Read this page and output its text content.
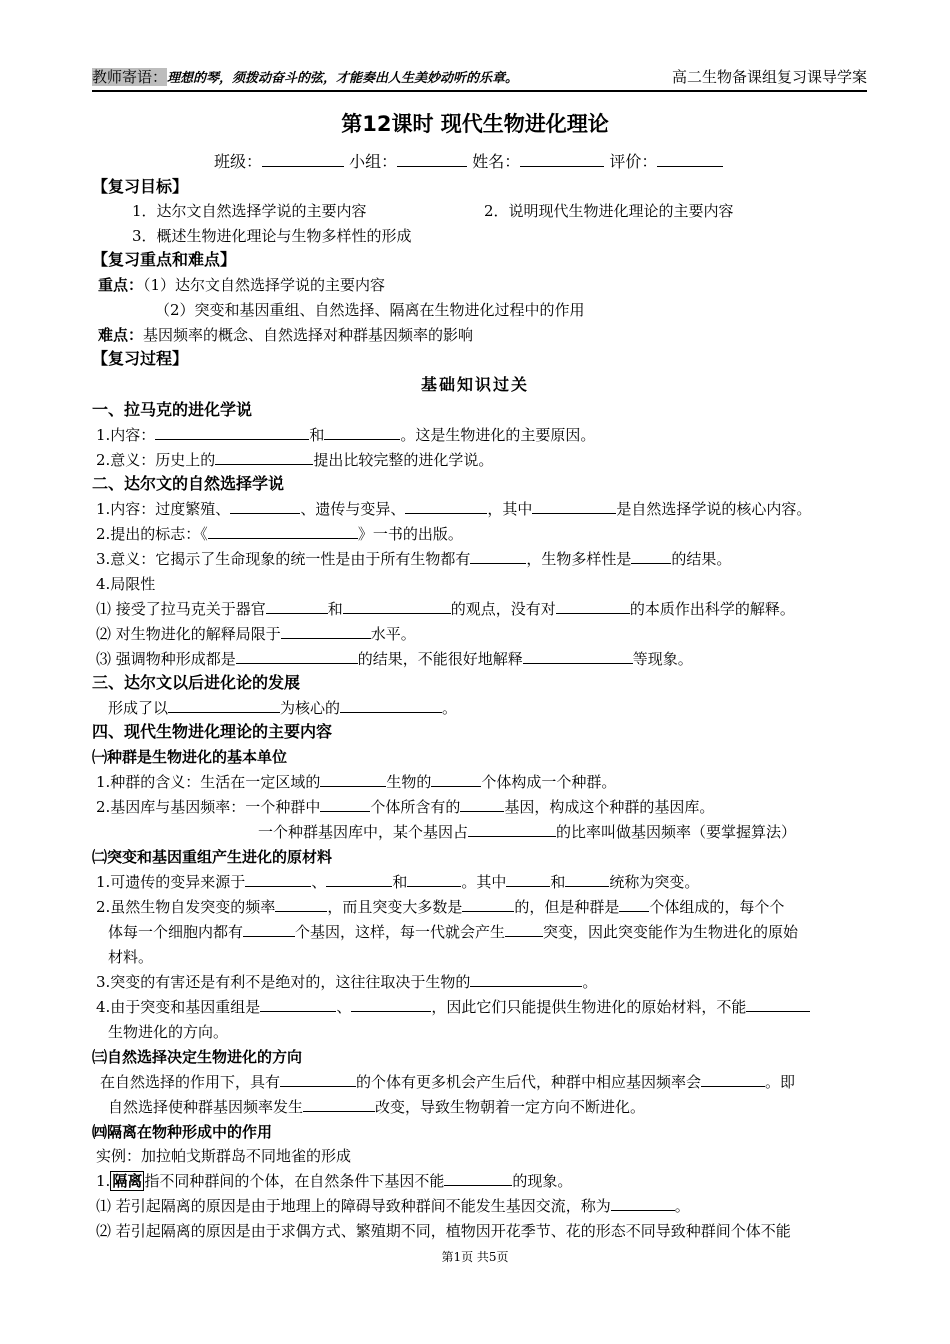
教师寄语：理想的琴，须拨动奋斗的弦，才能奏出人生美妙动听的乐章。	高二生物备课组复习课导学案
第12课时 现代生物进化理论
班级：	小组：	姓名：	评价：
【复习目标】
1．达尔文自然选择学说的主要内容	2．说明现代生物进化理论的主要内容
3．概述生物进化理论与生物多样性的形成
【复习重点和难点】
重点：（1）达尔文自然选择学说的主要内容
（2）突变和基因重组、自然选择、隔离在生物进化过程中的作用
难点：基因频率的概念、自然选择对种群基因频率的影响
【复习过程】
基础知识过关
一、拉马克的进化学说
1.内容：	和	。这是生物进化的主要原因。
2.意义：历史上的	提出比较完整的进化学说。
二、达尔文的自然选择学说
1.内容：过度繁殖、	、遗传与变异、	，其中	是自然选择学说的核心内容。
2.提出的标志：《	》一书的出版。
3.意义：它揭示了生命现象的统一性是由于所有生物都有	，生物多样性是	的结果。
4.局限性
⑴ 接受了拉马克关于器官	和	的观点，没有对	的本质作出科学的解释。
⑵ 对生物进化的解释局限于	水平。
⑶ 强调物种形成都是	的结果，不能很好地解释	等现象。
三、达尔文以后进化论的发展
形成了以	为核心的	。
四、现代生物进化理论的主要内容
㈠种群是生物进化的基本单位
1.种群的含义：生活在一定区域的	生物的	个体构成一个种群。
2.基因库与基因频率：一个种群中	个体所含有的	基因，构成这个种群的基因库。
一个种群基因库中，某个基因占	的比率叫做基因频率（要掌握算法）
㈡突变和基因重组产生进化的原材料
1.可遗传的变异来源于	、	和	。其中	和	统称为突变。
2.虽然生物自发突变的频率	，而且突变大多数是	的，但是种群是 个体组成的，每个个
体每一个细胞内都有	个基因，这样，每一代就会产生	突变，因此突变能作为生物进化的原始
材料。
3.突变的有害还是有利不是绝对的，这往往取决于生物的	。
4.由于突变和基因重组是	、	，因此它们只能提供生物进化的原始材料，不能
生物进化的方向。
㈢自然选择决定生物进化的方向
在自然选择的作用下，具有	的个体有更多机会产生后代，种群中相应基因频率会	。即
自然选择使种群基因频率发生	改变，导致生物朝着一定方向不断进化。
㈣隔离在物种形成中的作用
实例：加拉帕戈斯群岛不同地雀的形成
1. 隔离 指不同种群间的个体，在自然条件下基因不能	的现象。
⑴ 若引起隔离的原因是由于地理上的障碍导致种群间不能发生基因交流，称为	。
⑵ 若引起隔离的原因是由于求偶方式、繁殖期不同，植物因开花季节、花的形态不同导致种群间个体不能
第1页 共5页
